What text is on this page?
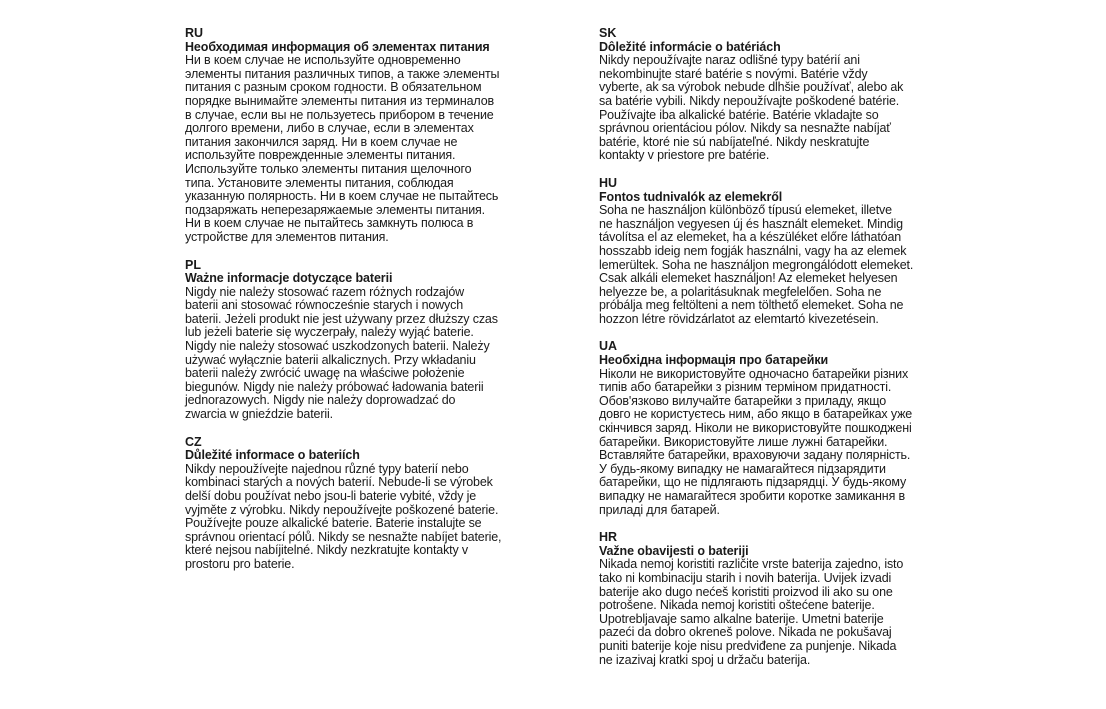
RU

Необходимая информация об элементах питания

Ни в коем случае не используйте одновременно
элементы питания различных типов, а также элементы
питания с разным сроком годности. В обязательном
порядке вынимайте элементы питания из терминалов
в случае, если вы не пользуетесь прибором в течение
долгого времени, либо в случае, если в элементах
питания закончился заряд. Ни в коем случае не
используйте поврежденные элементы питания.
Используйте только элементы питания щелочного
типа. Установите элементы питания, соблюдая
указанную полярность. Ни в коем случае не пытайтесь
подзаряжать неперезаряжаемые элементы питания.
Ни в коем случае не пытайтесь замкнуть полюса в
устройстве для элементов питания.

PL

Ważne informacje dotyczące baterii

Nigdy nie należy stosować razem różnych rodzajów
baterii ani stosować równocześnie starych i nowych
baterii. Jeżeli produkt nie jest używany przez dłuższy czas
lub jeżeli baterie się wyczerpały, należy wyjąć baterie.
Nigdy nie należy stosować uszkodzonych baterii. Należy
używać wyłącznie baterii alkalicznych. Przy wkładaniu
baterii należy zwrócić uwagę na właściwe położenie
biegunów. Nigdy nie należy próbować ładowania baterii
jednorazowych. Nigdy nie należy doprowadzać do
zwarcia w gnieździe baterii.

CZ

Důležité informace o bateriích

Nikdy nepoužívejte najednou různé typy baterií nebo
kombinaci starých a nových baterií. Nebude-li se výrobek
delší dobu používat nebo jsou-li baterie vybité, vždy je
vyjměte z výrobku. Nikdy nepoužívejte poškozené baterie.
Používejte pouze alkalické baterie. Baterie instalujte se
správnou orientací pólů. Nikdy se nesnažte nabíjet baterie,
které nejsou nabíjitelné. Nikdy nezkratujte kontakty v
prostoru pro baterie.

SK

Dôležité informácie o batériách

Nikdy nepoužívajte naraz odlišné typy batérií ani
nekombinujte staré batérie s novými. Batérie vždy
vyberte, ak sa výrobok nebude dlhšie používať, alebo ak
sa batérie vybili. Nikdy nepoužívajte poškodené batérie.
Používajte iba alkalické batérie. Batérie vkladajte so
správnou orientáciou pólov. Nikdy sa nesnažte nabíjať
batérie, ktoré nie sú nabíjateľné. Nikdy neskratujte
kontakty v priestore pre batérie.

HU

Fontos tudnivalók az elemekről

Soha ne használjon különböző típusú elemeket, illetve
ne használjon vegyesen új és használt elemeket. Mindig
távolítsa el az elemeket, ha a készüléket előre láthatóan
hosszabb ideig nem fogják használni, vagy ha az elemek
lemerültek. Soha ne használjon megrongálódott elemeket.
Csak alkáli elemeket használjon! Az elemeket helyesen
helyezze be, a polaritásuknak megfelelően. Soha ne
próbálja meg feltölteni a nem tölthető elemeket. Soha ne
hozzon létre rövidzárlatot az elemtartó kivezetésein.

UA

Необхідна інформація про батарейки

Ніколи не використовуйте одночасно батарейки різних
типів або батарейки з різним терміном придатності.
Обов'язково вилучайте батарейки з приладу, якщо
довго не користуєтесь ним, або якщо в батарейках уже
скінчився заряд. Ніколи не використовуйте пошкоджені
батарейки. Використовуйте лише лужні батарейки.
Вставляйте батарейки, враховуючи задану полярність.
У будь-якому випадку не намагайтеся підзарядити
батарейки, що не підлягають підзарядці. У будь-якому
випадку не намагайтеся зробити коротке замикання в
приладі для батарей.

HR

Važne obavijesti o bateriji

Nikada nemoj koristiti različite vrste baterija zajedno, isto
tako ni kombinaciju starih i novih baterija. Uvijek izvadi
baterije ako dugo nećeš koristiti proizvod ili ako su one
potrošene. Nikada nemoj koristiti oštećene baterije.
Upotrebljavaje samo alkalne baterije. Umetni baterije
pazeći da dobro okreneš polove. Nikada ne pokušavaj
puniti baterije koje nisu predviđene za punjenje. Nikada
ne izazivaj kratki spoj u držaču baterija.
